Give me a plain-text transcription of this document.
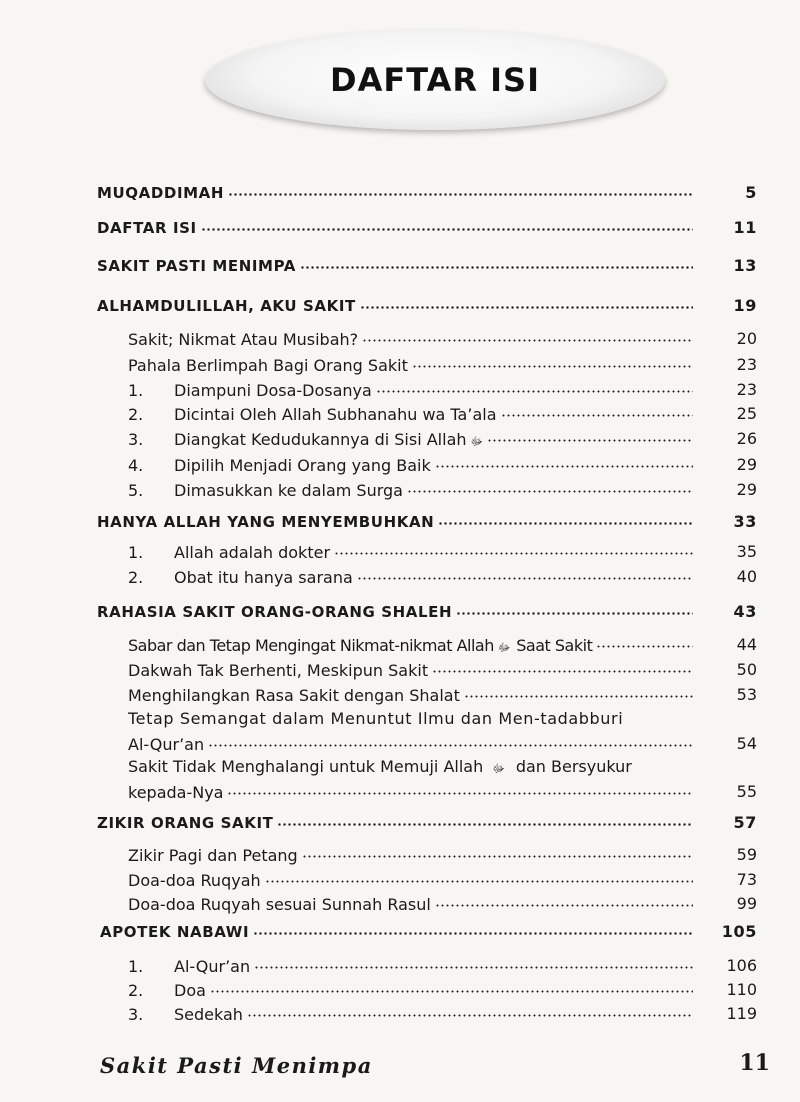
DAFTAR ISI
MUQADDIMAH	5
DAFTAR ISI	11
SAKIT PASTI MENIMPA	13
ALHAMDULILLAH, AKU SAKIT	19
Sakit; Nikmat Atau Musibah?	20
Pahala Berlimpah Bagi Orang Sakit	23
1.	Diampuni Dosa-Dosanya	23
2.	Dicintai Oleh Allah Subhanahu wa Ta’ala	25
3.	Diangkat Kedudukannya di Sisi Allah ﷻ	26
4.	Dipilih Menjadi Orang yang Baik	29
5.	Dimasukkan ke dalam Surga	29
HANYA ALLAH YANG MENYEMBUHKAN	33
1.	Allah adalah dokter	35
2.	Obat itu hanya sarana	40
RAHASIA SAKIT ORANG-ORANG SHALEH	43
Sabar dan Tetap Mengingat Nikmat-nikmat Allah ﷻ Saat Sakit	44
Dakwah Tak Berhenti, Meskipun Sakit	50
Menghilangkan Rasa Sakit dengan Shalat	53
Tetap Semangat dalam Menuntut Ilmu dan Men-tadabburi
Al-Qur’an	54
Sakit Tidak Menghalangi untuk Memuji Allah ﷻ dan Bersyukur
kepada-Nya	55
ZIKIR ORANG SAKIT	57
Zikir Pagi dan Petang	59
Doa-doa Ruqyah	73
Doa-doa Ruqyah sesuai Sunnah Rasul	99
APOTEK NABAWI	105
1.	Al-Qur’an	106
2.	Doa	110
3.	Sedekah	119
Sakit Pasti Menimpa	11
